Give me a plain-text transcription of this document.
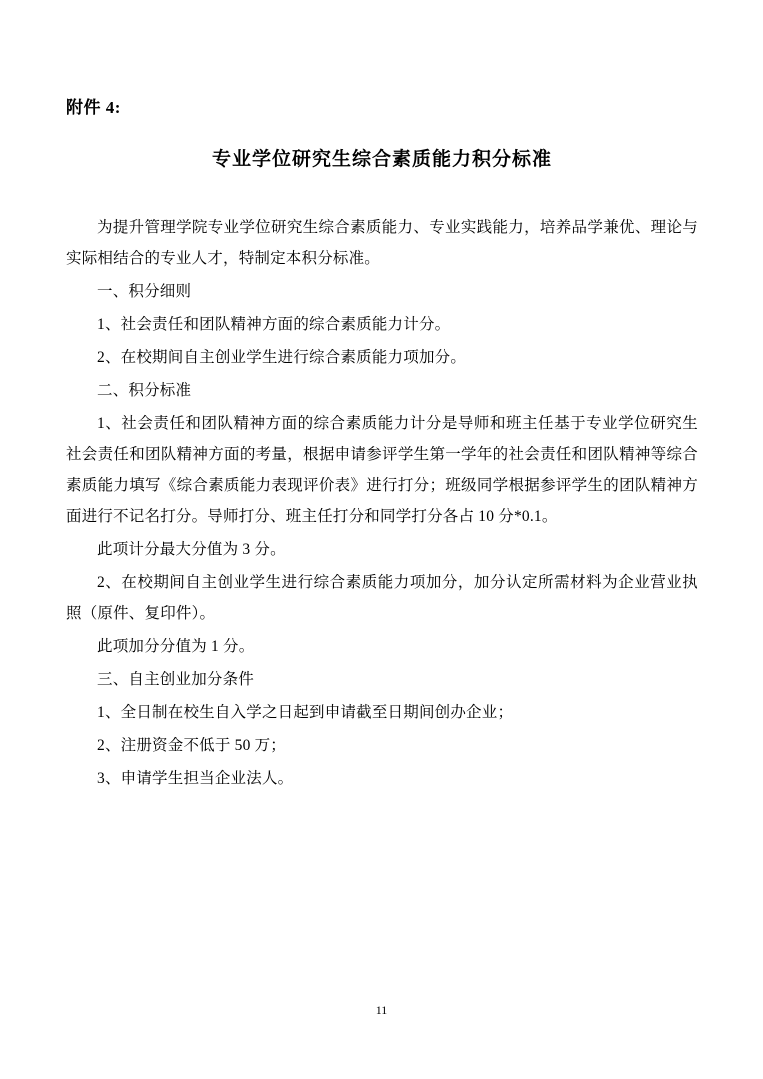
附件 4:
专业学位研究生综合素质能力积分标准

为提升管理学院专业学位研究生综合素质能力、专业实践能力，培养品学兼优、理论与实际相结合的专业人才，特制定本积分标准。

一、积分细则

1、社会责任和团队精神方面的综合素质能力计分。

2、在校期间自主创业学生进行综合素质能力项加分。

二、积分标准

1、社会责任和团队精神方面的综合素质能力计分是导师和班主任基于专业学位研究生社会责任和团队精神方面的考量，根据申请参评学生第一学年的社会责任和团队精神等综合素质能力填写《综合素质能力表现评价表》进行打分；班级同学根据参评学生的团队精神方面进行不记名打分。导师打分、班主任打分和同学打分各占 10 分*0.1。

此项计分最大分值为 3 分。

2、在校期间自主创业学生进行综合素质能力项加分，加分认定所需材料为企业营业执照（原件、复印件）。

此项加分分值为 1 分。

三、自主创业加分条件

1、全日制在校生自入学之日起到申请截至日期间创办企业；

2、注册资金不低于 50 万；

3、申请学生担当企业法人。

11
